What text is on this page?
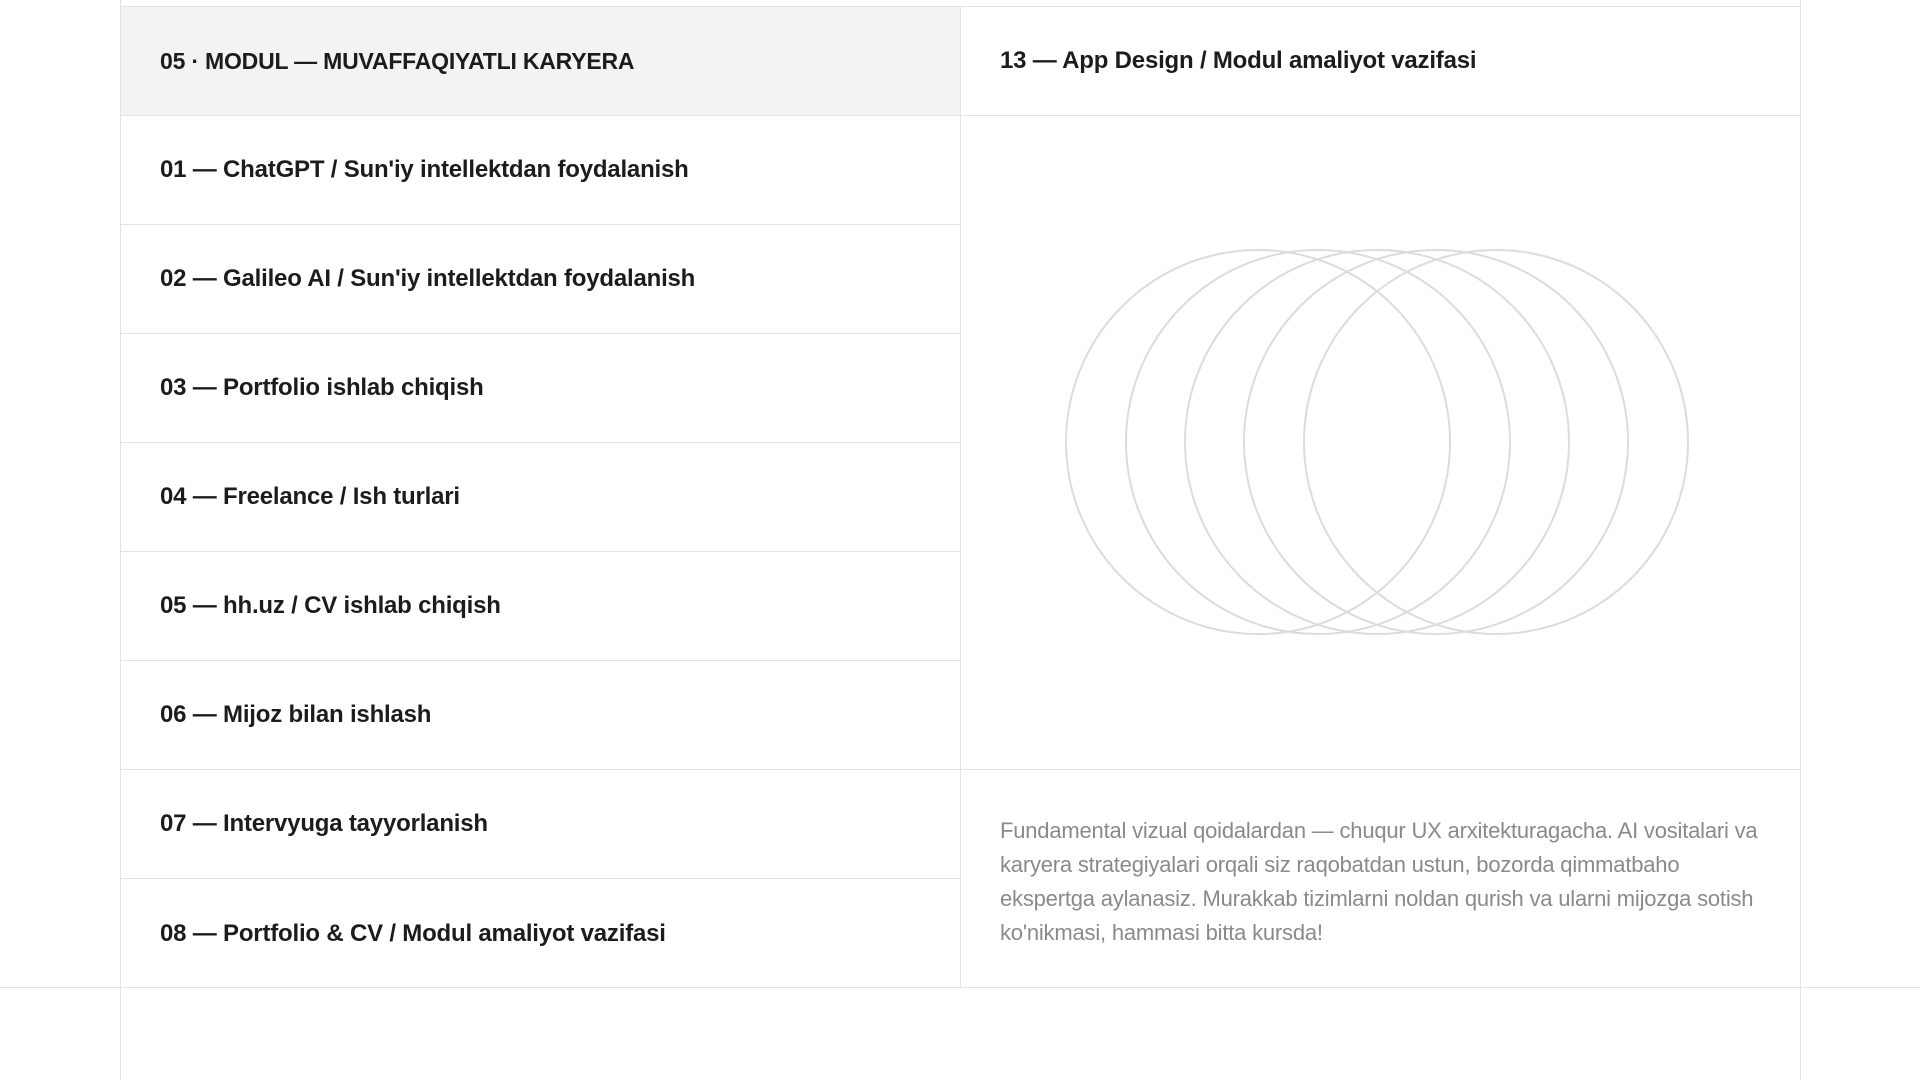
05 · MODUL — MUVAFFAQIYATLI KARYERA	13 — App Design / Modul amaliyot vazifasi
01 — ChatGPT / Sun'iy intellektdan foydalanish
02 — Galileo AI / Sun'iy intellektdan foydalanish
03 — Portfolio ishlab chiqish
04 — Freelance / Ish turlari
05 — hh.uz / CV ishlab chiqish
06 — Mijoz bilan ishlash
07 — Intervyuga tayyorlanish
08 — Portfolio & CV / Modul amaliyot vazifasi

Fundamental vizual qoidalardan — chuqur UX arxitekturagacha. AI vositalari va karyera strategiyalari orqali siz raqobatdan ustun, bozorda qimmatbaho ekspertga aylanasiz. Murakkab tizimlarni noldan qurish va ularni mijozga sotish ko'nikmasi, hammasi bitta kursda!
